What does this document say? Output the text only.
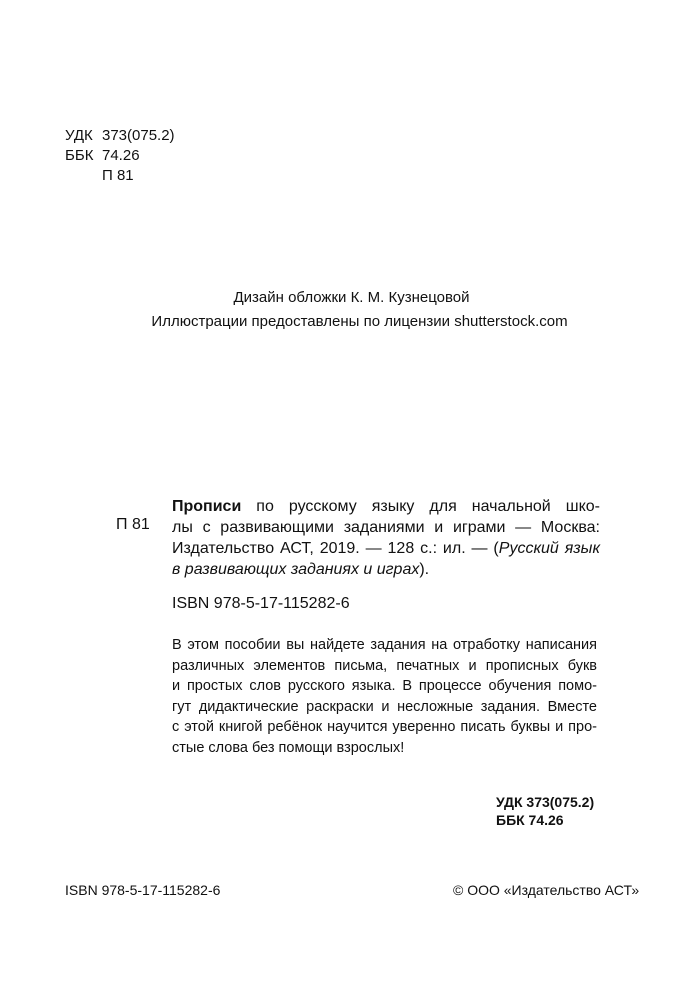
УДК 373(075.2)
ББК 74.26
П 81
Дизайн обложки К. М. Кузнецовой
Иллюстрации предоставлены по лицензии shutterstock.com
П 81
Прописи по русскому языку для начальной шко-
лы с развивающими заданиями и играми — Москва:
Издательство АСТ, 2019. — 128 с.: ил. — (Русский язык
в развивающих заданиях и играх).
ISBN 978-5-17-115282-6
В этом пособии вы найдете задания на отработку написания
различных элементов письма, печатных и прописных букв
и простых слов русского языка. В процессе обучения помо-
гут дидактические раскраски и несложные задания. Вместе
с этой книгой ребёнок научится уверенно писать буквы и про-
стые слова без помощи взрослых!
УДК 373(075.2)
ББК 74.26
ISBN 978-5-17-115282-6	© ООО «Издательство АСТ»
